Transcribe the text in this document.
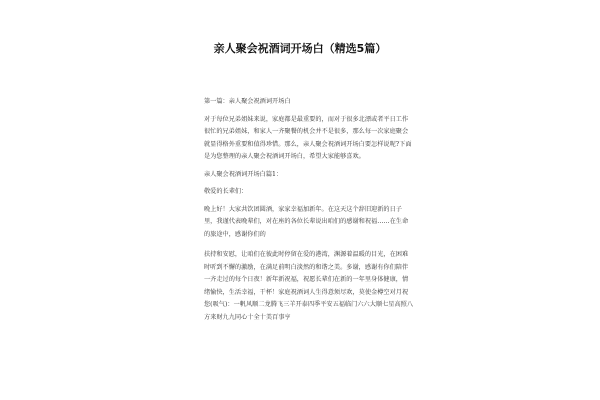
亲人聚会祝酒词开场白（精选5篇）

第一篇：亲人聚会祝酒词开场白

对于每位兄弟姐妹来说，家庭都是最重要的，而对于很多北漂或者平日工作很忙的兄弟姐妹，和家人一齐聚餐的机会并不是很多，那么每一次家庭聚会就显得格外重要和值得珍惜。那么，亲人聚会祝酒词开场白要怎样说呢?下面是为您整理的亲人聚会祝酒词开场白，希望大家能够喜欢。

亲人聚会祝酒词开场白篇1：

敬爱的长辈们：

晚上好！大家共饮团圆酒，家家幸福加新年。在这天这个辞旧迎新的日子里，我谨代表晚辈们，对在座的各位长辈说出咱们的感谢和祝福……在生命的旅途中，感谢你们的

扶持和安慰，让咱们在彼此时停留在爱的港湾，渊源着温暖的目光，在困难时听到不懈的激励，在满足前明白淡然的和谐之美。多谢，感谢有你们陪伴一齐走过的每个日夜！新年新祝福，祝愿长辈们在新的一年里身体健康，情绪愉快，生活幸福，干杯！家庭祝酒词人生得意须尽欢，莫使金樽空对月祝您(吸气)：一帆风顺二龙腾飞三羊开泰四季平安五福临门六六大顺七星高照八方来财九九同心十全十美百事亨
